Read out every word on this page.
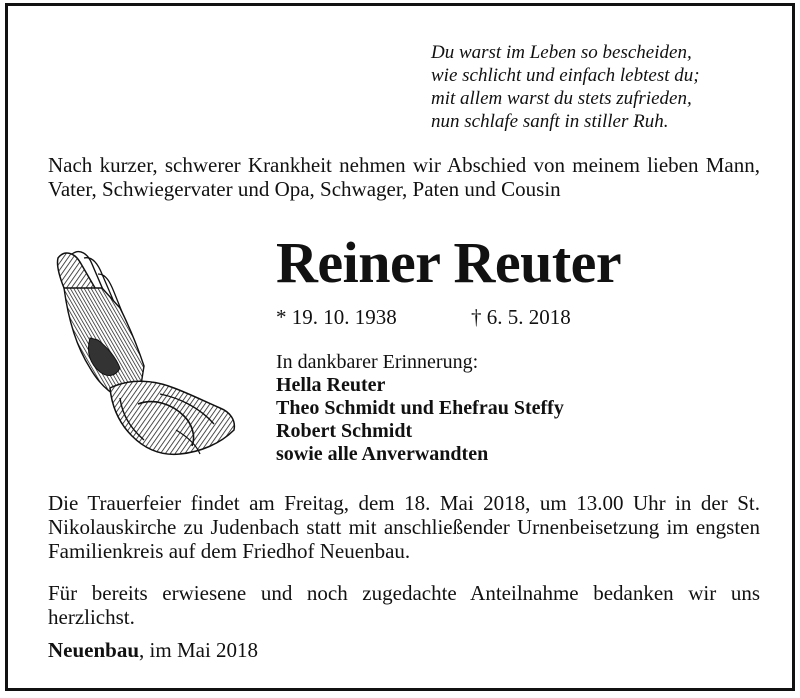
Du warst im Leben so bescheiden,
wie schlicht und einfach lebtest du;
mit allem warst du stets zufrieden,
nun schlafe sanft in stiller Ruh.
Nach kurzer, schwerer Krankheit nehmen wir Abschied von meinem lieben Mann, Vater, Schwiegervater und Opa, Schwager, Paten und Cousin
Reiner Reuter
* 19. 10. 1938	† 6. 5. 2018
In dankbarer Erinnerung:
Hella Reuter
Theo Schmidt und Ehefrau Steffy
Robert Schmidt
sowie alle Anverwandten
Die Trauerfeier findet am Freitag, dem 18. Mai 2018, um 13.00 Uhr in der St. Nikolauskirche zu Judenbach statt mit anschließender Urnenbeisetzung im engsten Familienkreis auf dem Friedhof Neuenbau.
Für bereits erwiesene und noch zugedachte Anteilnahme bedanken wir uns herzlichst.
Neuenbau, im Mai 2018
